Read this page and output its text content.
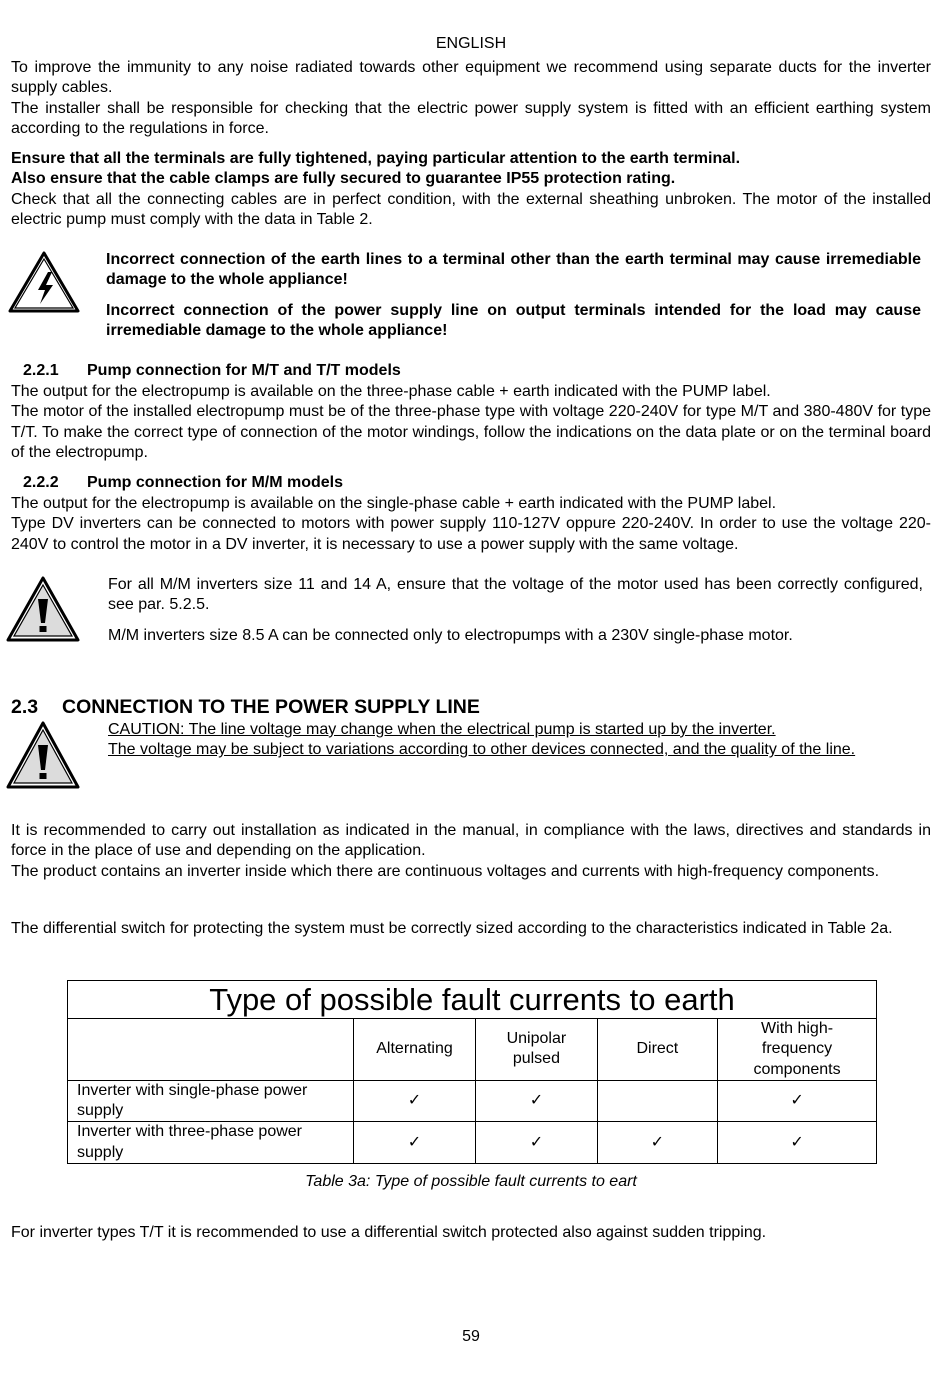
ENGLISH

To improve the immunity to any noise radiated towards other equipment we recommend using separate ducts for the inverter supply cables.

The installer shall be responsible for checking that the electric power supply system is fitted with an efficient earthing system according to the regulations in force.

Ensure that all the terminals are fully tightened, paying particular attention to the earth terminal.

Also ensure that the cable clamps are fully secured to guarantee IP55 protection rating.

Check that all the connecting cables are in perfect condition, with the external sheathing unbroken. The motor of the installed electric pump must comply with the data in Table 2.

Incorrect connection of the earth lines to a terminal other than the earth terminal may cause irremediable damage to the whole appliance!

Incorrect connection of the power supply line on output terminals intended for the load may cause irremediable damage to the whole appliance!

2.2.1 Pump connection for M/T and T/T models

The output for the electropump is available on the three-phase cable + earth indicated with the PUMP label.

The motor of the installed electropump must be of the three-phase type with voltage 220-240V for type M/T and 380-480V for type T/T. To make the correct type of connection of the motor windings, follow the indications on the data plate or on the terminal board of the electropump.

2.2.2 Pump connection for M/M models

The output for the electropump is available on the single-phase cable + earth indicated with the PUMP label.

Type DV inverters can be connected to motors with power supply 110-127V oppure 220-240V. In order to use the voltage 220-240V to control the motor in a DV inverter, it is necessary to use a power supply with the same voltage.

For all M/M inverters size 11 and 14 A, ensure that the voltage of the motor used has been correctly configured, see par. 5.2.5.

M/M inverters size 8.5 A can be connected only to electropumps with a 230V single-phase motor.

2.3 CONNECTION TO THE POWER SUPPLY LINE

CAUTION: The line voltage may change when the electrical pump is started up by the inverter.

The voltage may be subject to variations according to other devices connected, and the quality of the line.

It is recommended to carry out installation as indicated in the manual, in compliance with the laws, directives and standards in force in the place of use and depending on the application.

The product contains an inverter inside which there are continuous voltages and currents with high-frequency components.

The differential switch for protecting the system must be correctly sized according to the characteristics indicated in Table 2a.

Type of possible fault currents to earth				
	Alternating	Unipolar pulsed	Direct	With high-frequency components
Inverter with single-phase power supply	✓	✓		✓
Inverter with three-phase power supply	✓	✓	✓	✓
Table 3a: Type of possible fault currents to eart

For inverter types T/T it is recommended to use a differential switch protected also against sudden tripping.

59
